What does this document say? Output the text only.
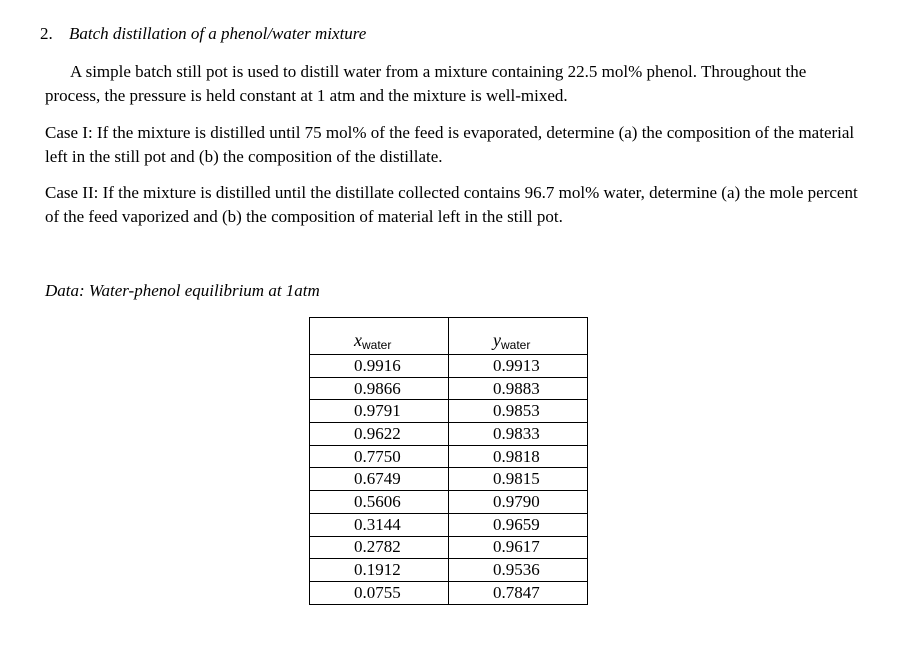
2. Batch distillation of a phenol/water mixture

A simple batch still pot is used to distill water from a mixture containing 22.5 mol% phenol. Throughout the process, the pressure is held constant at 1 atm and the mixture is well-mixed.

Case I: If the mixture is distilled until 75 mol% of the feed is evaporated, determine (a) the composition of the material left in the still pot and (b) the composition of the distillate.

Case II: If the mixture is distilled until the distillate collected contains 96.7 mol% water, determine (a) the mole percent of the feed vaporized and (b) the composition of material left in the still pot.

Data: Water-phenol equilibrium at 1atm
xwater	ywater
0.9916	0.9913
0.9866	0.9883
0.9791	0.9853
0.9622	0.9833
0.7750	0.9818
0.6749	0.9815
0.5606	0.9790
0.3144	0.9659
0.2782	0.9617
0.1912	0.9536
0.0755	0.7847
